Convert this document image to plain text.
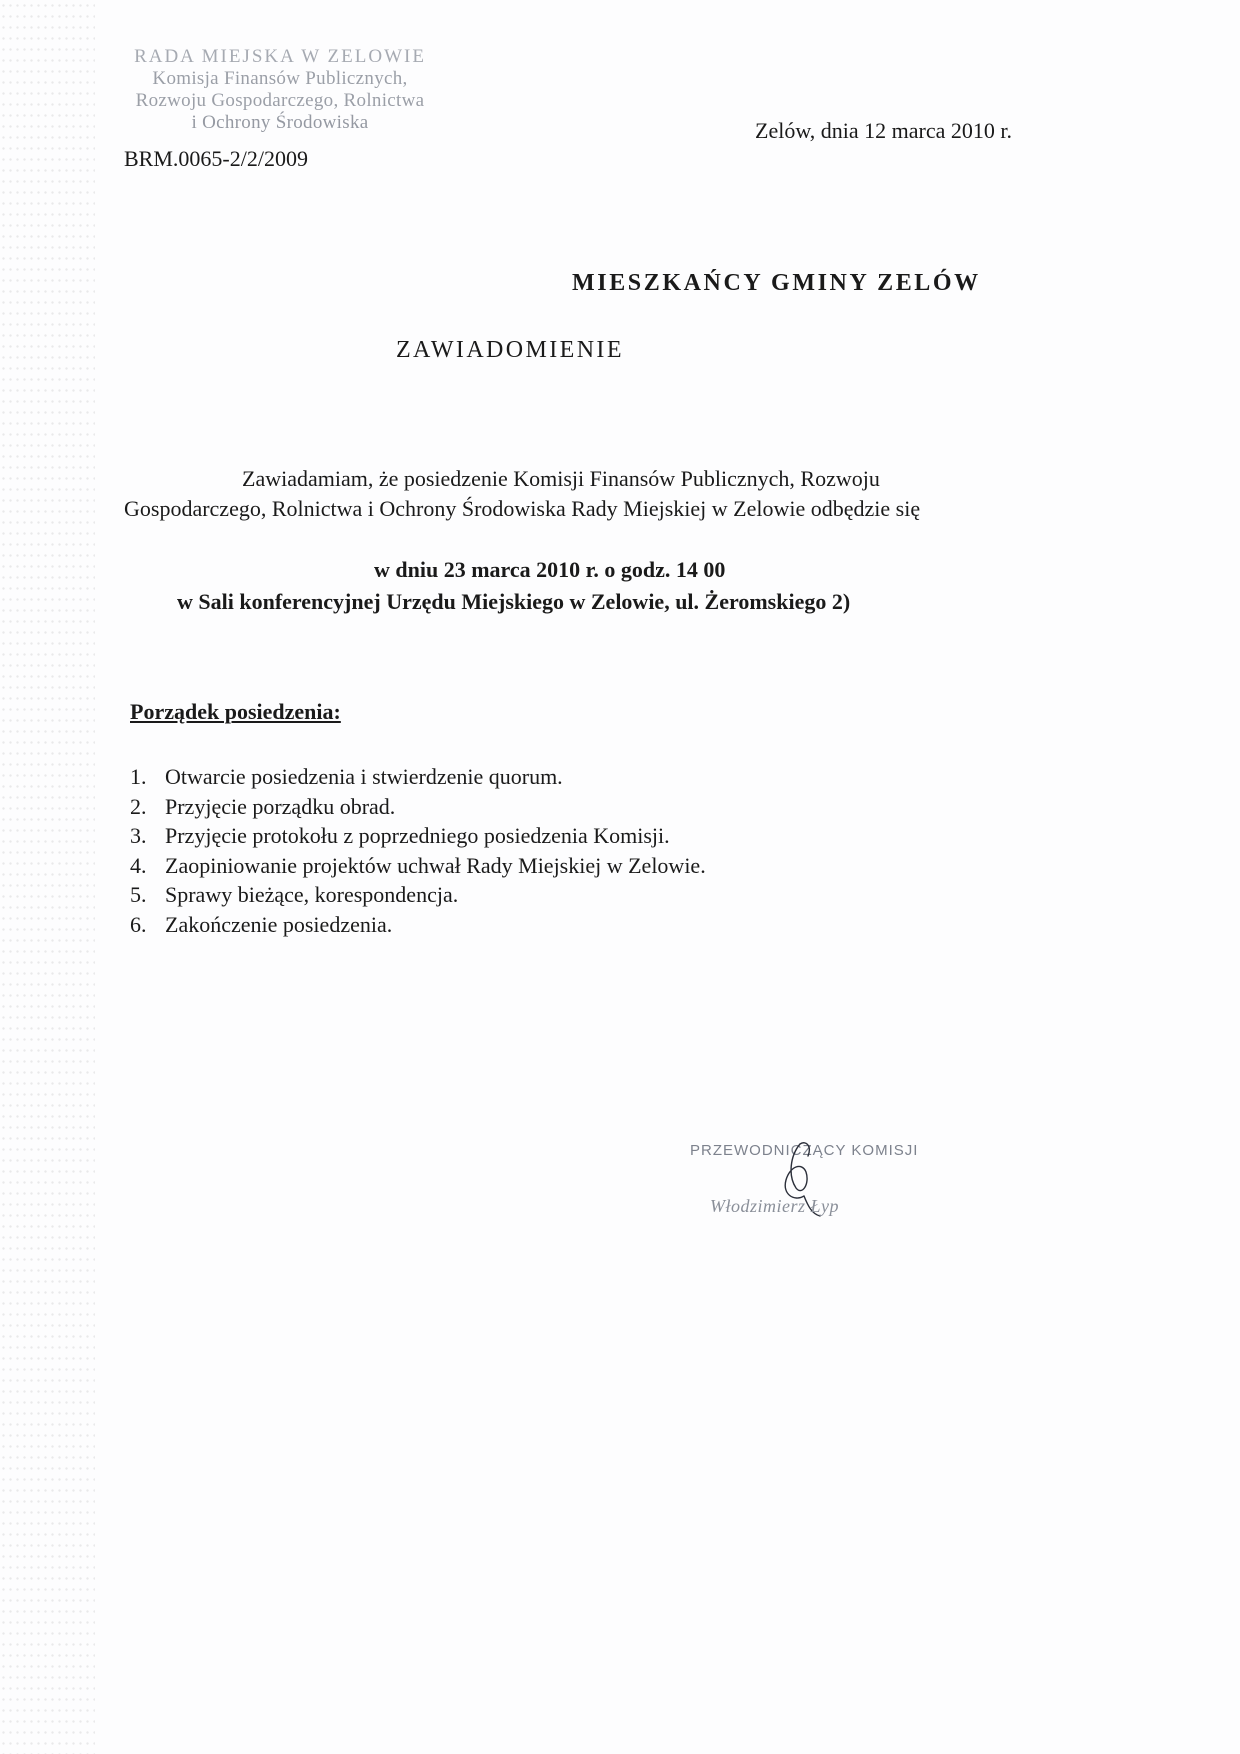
RADA MIEJSKA W ZELOWIE
Komisja Finansów Publicznych,
Rozwoju Gospodarczego, Rolnictwa
i Ochrony Środowiska
BRM.0065-2/2/2009
Zelów, dnia 12 marca 2010 r.
MIESZKAŃCY GMINY ZELÓW
ZAWIADOMIENIE
Zawiadamiam, że posiedzenie Komisji Finansów Publicznych, Rozwoju
Gospodarczego, Rolnictwa i Ochrony Środowiska Rady Miejskiej w Zelowie odbędzie się
w dniu 23 marca 2010 r. o godz. 14 00
w Sali konferencyjnej Urzędu Miejskiego w Zelowie, ul. Żeromskiego 2)
Porządek posiedzenia:
1. Otwarcie posiedzenia i stwierdzenie quorum.
2. Przyjęcie porządku obrad.
3. Przyjęcie protokołu z poprzedniego posiedzenia Komisji.
4. Zaopiniowanie projektów uchwał Rady Miejskiej w Zelowie.
5. Sprawy bieżące, korespondencja.
6. Zakończenie posiedzenia.
PRZEWODNICZĄCY KOMISJI
Włodzimierz Łyp
